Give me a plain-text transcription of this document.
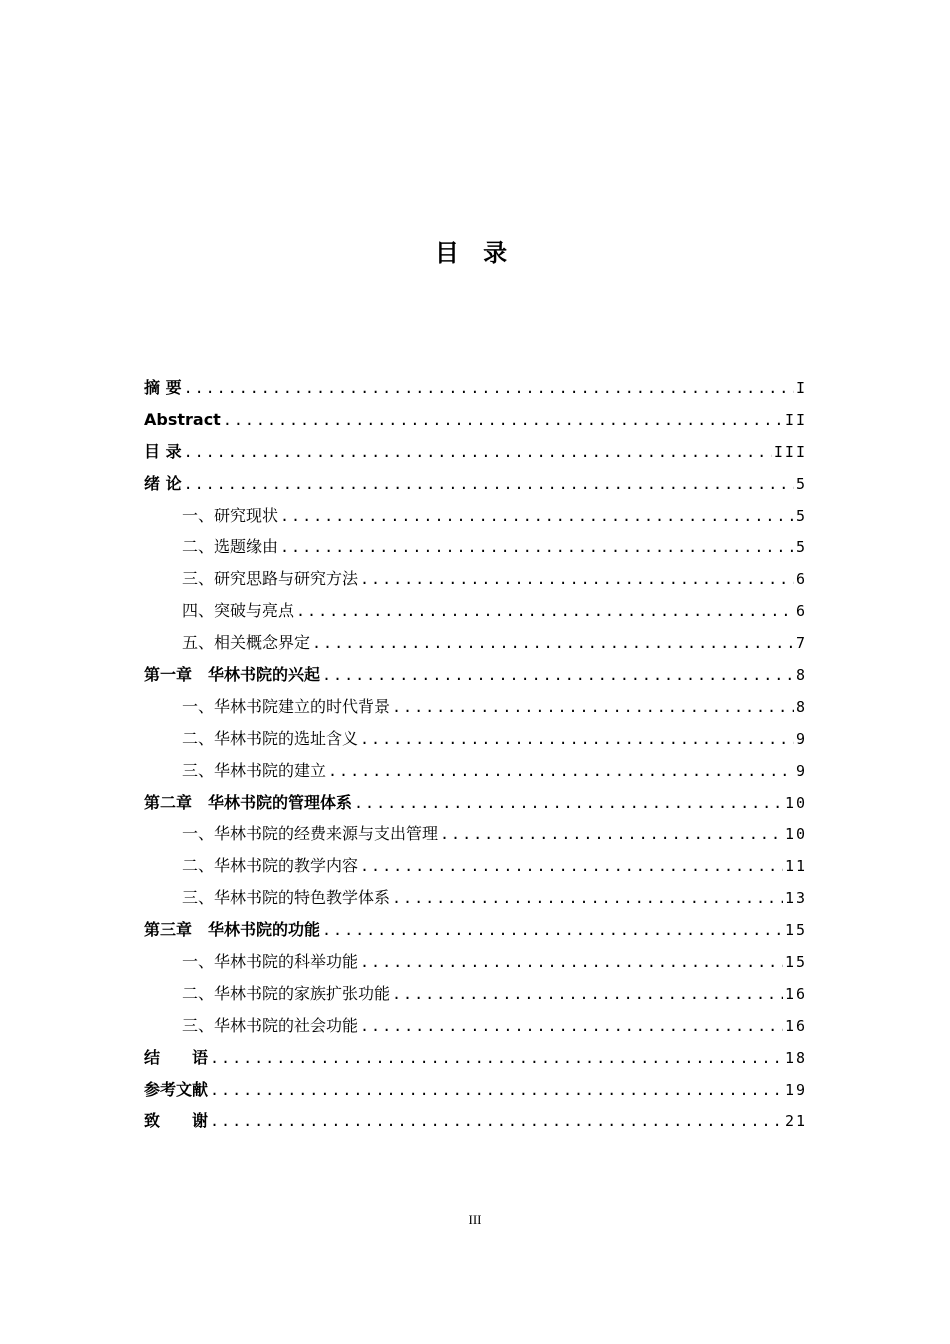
目 录
摘 要 .....	I
Abstract .....	II
目 录 .....	III
绪 论 .....	5
一、研究现状 .....	5
二、选题缘由 .....	5
三、研究思路与研究方法 .....	6
四、突破与亮点 .....	6
五、相关概念界定 .....	7
第一章　华林书院的兴起 .....	8
一、华林书院建立的时代背景 .....	8
二、华林书院的选址含义 .....	9
三、华林书院的建立 .....	9
第二章　华林书院的管理体系 .....	10
一、华林书院的经费来源与支出管理 .....	10
二、华林书院的教学内容 .....	11
三、华林书院的特色教学体系 .....	13
第三章　华林书院的功能 .....	15
一、华林书院的科举功能 .....	15
二、华林书院的家族扩张功能 .....	16
三、华林书院的社会功能 .....	16
结　　语 .....	18
参考文献 .....	19
致　　谢 .....	21
III
